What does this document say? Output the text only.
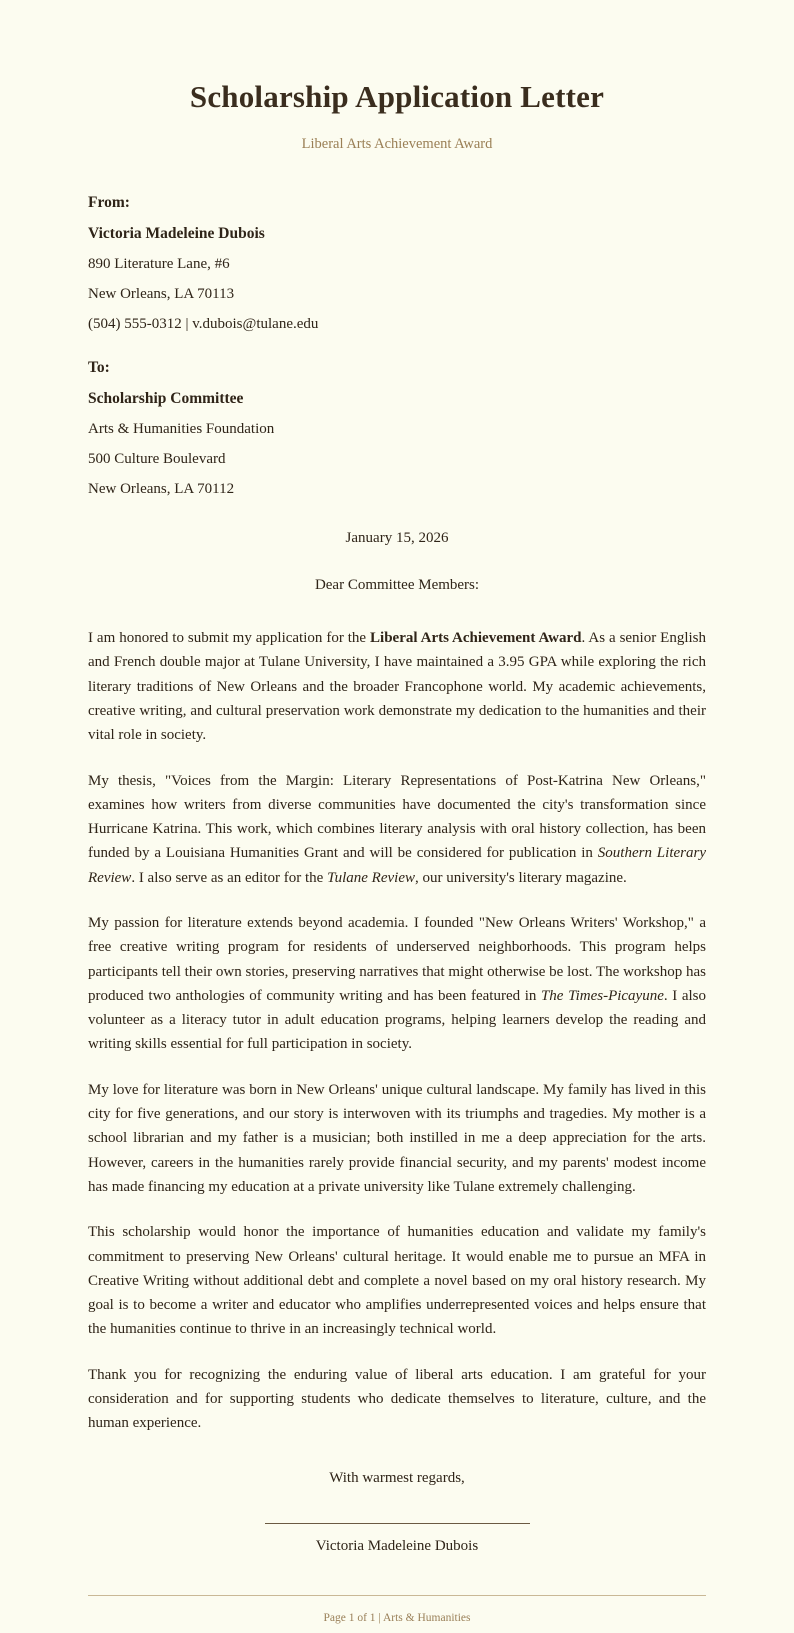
Scholarship Application Letter
Liberal Arts Achievement Award
From:
Victoria Madeleine Dubois
890 Literature Lane, #6
New Orleans, LA 70113
(504) 555-0312 | v.dubois@tulane.edu
To:
Scholarship Committee
Arts & Humanities Foundation
500 Culture Boulevard
New Orleans, LA 70112
January 15, 2026
Dear Committee Members:

I am honored to submit my application for the Liberal Arts Achievement Award. As a senior English and French double major at Tulane University, I have maintained a 3.95 GPA while exploring the rich literary traditions of New Orleans and the broader Francophone world. My academic achievements, creative writing, and cultural preservation work demonstrate my dedication to the humanities and their vital role in society.

My thesis, "Voices from the Margin: Literary Representations of Post-Katrina New Orleans," examines how writers from diverse communities have documented the city's transformation since Hurricane Katrina. This work, which combines literary analysis with oral history collection, has been funded by a Louisiana Humanities Grant and will be considered for publication in Southern Literary Review. I also serve as an editor for the Tulane Review, our university's literary magazine.

My passion for literature extends beyond academia. I founded "New Orleans Writers' Workshop," a free creative writing program for residents of underserved neighborhoods. This program helps participants tell their own stories, preserving narratives that might otherwise be lost. The workshop has produced two anthologies of community writing and has been featured in The Times-Picayune. I also volunteer as a literacy tutor in adult education programs, helping learners develop the reading and writing skills essential for full participation in society.

My love for literature was born in New Orleans' unique cultural landscape. My family has lived in this city for five generations, and our story is interwoven with its triumphs and tragedies. My mother is a school librarian and my father is a musician; both instilled in me a deep appreciation for the arts. However, careers in the humanities rarely provide financial security, and my parents' modest income has made financing my education at a private university like Tulane extremely challenging.

This scholarship would honor the importance of humanities education and validate my family's commitment to preserving New Orleans' cultural heritage. It would enable me to pursue an MFA in Creative Writing without additional debt and complete a novel based on my oral history research. My goal is to become a writer and educator who amplifies underrepresented voices and helps ensure that the humanities continue to thrive in an increasingly technical world.

Thank you for recognizing the enduring value of liberal arts education. I am grateful for your consideration and for supporting students who dedicate themselves to literature, culture, and the human experience.

With warmest regards,
Victoria Madeleine Dubois
Page 1 of 1 | Arts & Humanities
